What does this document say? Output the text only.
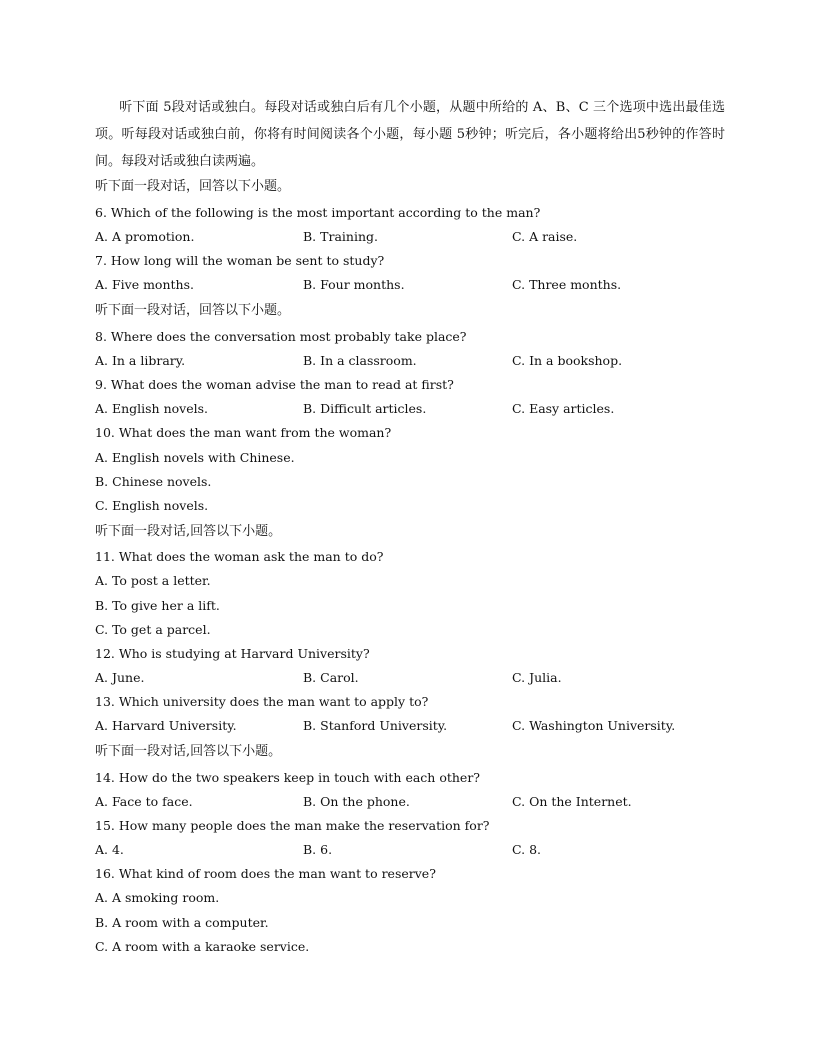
听下面 5段对话或独白。每段对话或独白后有几个小题，从题中所给的 A、B、C 三个选项中选出最佳选项。听每段对话或独白前，你将有时间阅读各个小题，每小题 5秒钟；听完后，各小题将给出5秒钟的作答时间。每段对话或独白读两遍。
听下面一段对话，回答以下小题。
6. Which of the following is the most important according to the man?
A. A promotion.	B. Training.	C. A raise.
7. How long will the woman be sent to study?
A. Five months.	B. Four months.	C. Three months.
听下面一段对话，回答以下小题。
8. Where does the conversation most probably take place?
A. In a library.	B. In a classroom.	C. In a bookshop.
9. What does the woman advise the man to read at first?
A. English novels.	B. Difficult articles.	C. Easy articles.
10. What does the man want from the woman?
A. English novels with Chinese.
B. Chinese novels.
C. English novels.
听下面一段对话,回答以下小题。
11. What does the woman ask the man to do?
A. To post a letter.
B. To give her a lift.
C. To get a parcel.
12. Who is studying at Harvard University?
A. June.	B. Carol.	C. Julia.
13. Which university does the man want to apply to?
A. Harvard University.	B. Stanford University.	C. Washington University.
听下面一段对话,回答以下小题。
14. How do the two speakers keep in touch with each other?
A. Face to face.	B. On the phone.	C. On the Internet.
15. How many people does the man make the reservation for?
A. 4.	B. 6.	C. 8.
16. What kind of room does the man want to reserve?
A. A smoking room.
B. A room with a computer.
C. A room with a karaoke service.
